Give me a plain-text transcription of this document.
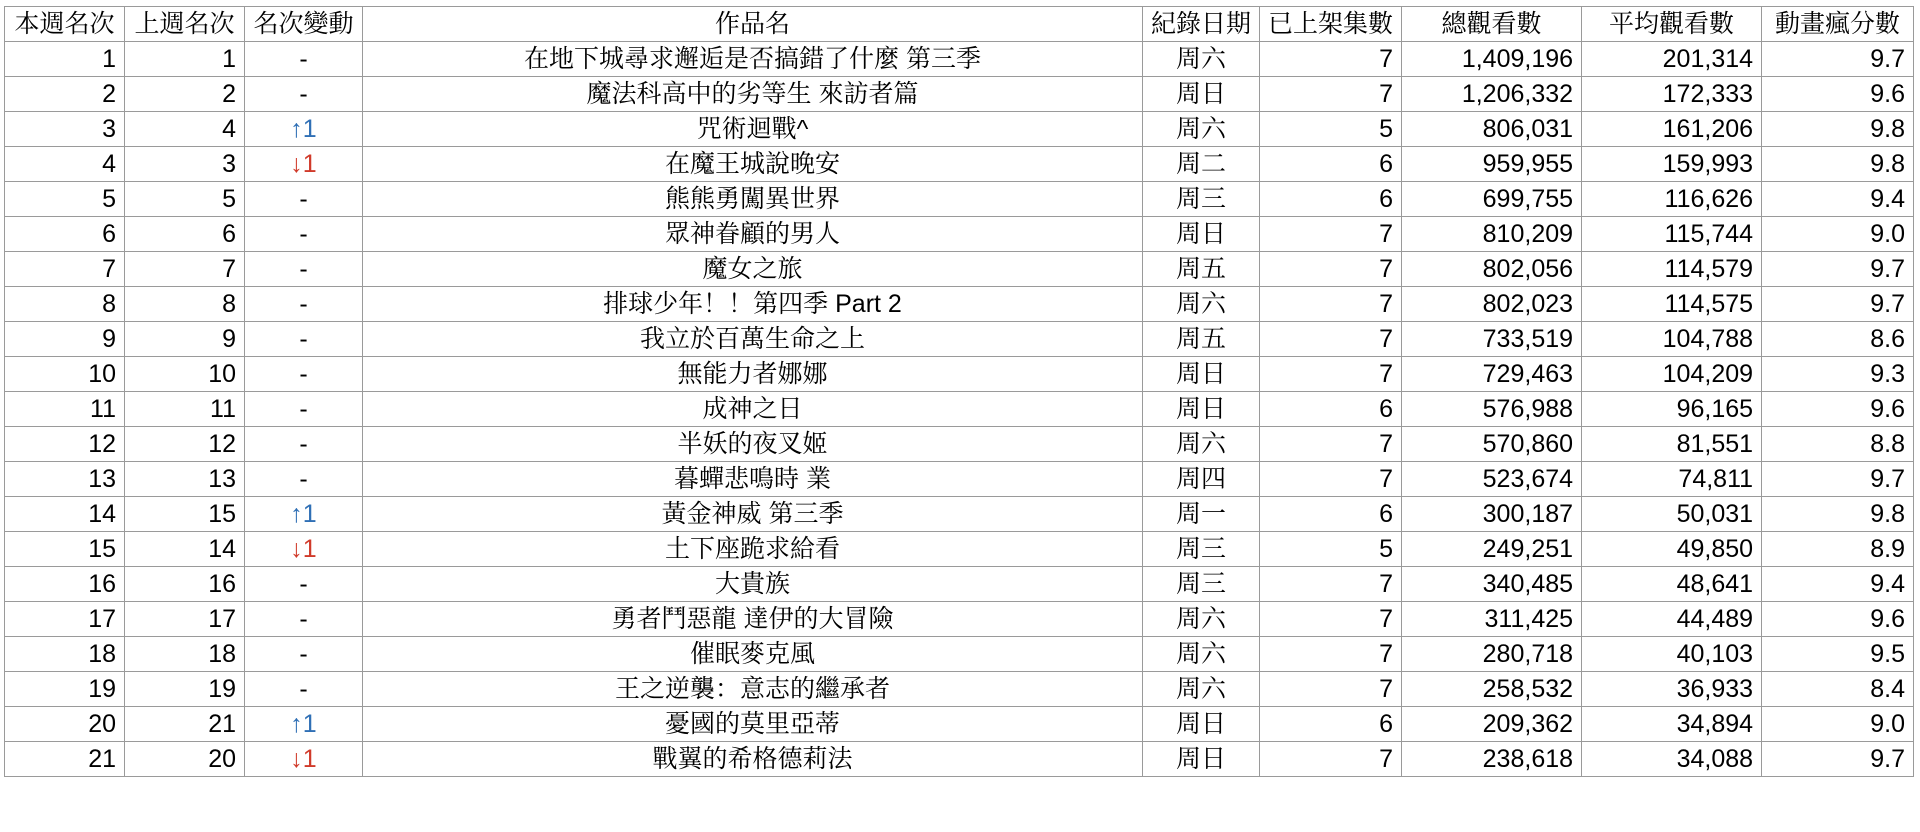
本週名次	上週名次	名次變動	作品名	紀錄日期	已上架集數	總觀看數	平均觀看數	動畫瘋分數
1	1	-	在地下城尋求邂逅是否搞錯了什麼 第三季	周六	7	1,409,196	201,314	9.7
2	2	-	魔法科高中的劣等生 來訪者篇	周日	7	1,206,332	172,333	9.6
3	4	↑1	咒術迴戰^	周六	5	806,031	161,206	9.8
4	3	↓1	在魔王城說晚安	周二	6	959,955	159,993	9.8
5	5	-	熊熊勇闖異世界	周三	6	699,755	116,626	9.4
6	6	-	眾神眷顧的男人	周日	7	810,209	115,744	9.0
7	7	-	魔女之旅	周五	7	802,056	114,579	9.7
8	8	-	排球少年！！第四季 Part 2	周六	7	802,023	114,575	9.7
9	9	-	我立於百萬生命之上	周五	7	733,519	104,788	8.6
10	10	-	無能力者娜娜	周日	7	729,463	104,209	9.3
11	11	-	成神之日	周日	6	576,988	96,165	9.6
12	12	-	半妖的夜叉姬	周六	7	570,860	81,551	8.8
13	13	-	暮蟬悲鳴時 業	周四	7	523,674	74,811	9.7
14	15	↑1	黃金神威 第三季	周一	6	300,187	50,031	9.8
15	14	↓1	土下座跪求給看	周三	5	249,251	49,850	8.9
16	16	-	大貴族	周三	7	340,485	48,641	9.4
17	17	-	勇者鬥惡龍 達伊的大冒險	周六	7	311,425	44,489	9.6
18	18	-	催眠麥克風	周六	7	280,718	40,103	9.5
19	19	-	王之逆襲：意志的繼承者	周六	7	258,532	36,933	8.4
20	21	↑1	憂國的莫里亞蒂	周日	6	209,362	34,894	9.0
21	20	↓1	戰翼的希格德莉法	周日	7	238,618	34,088	9.7
